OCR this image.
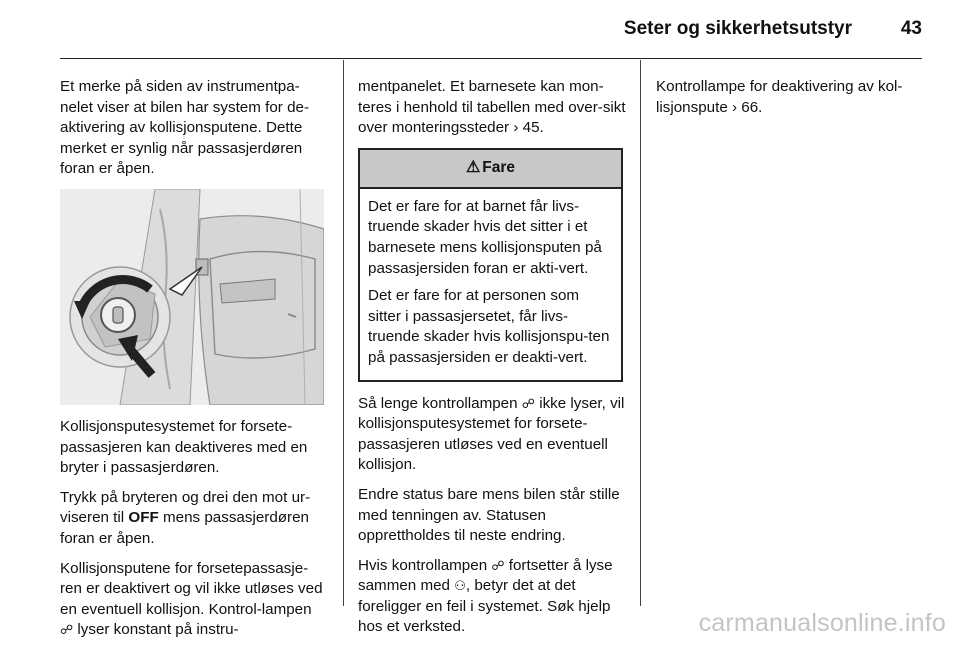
Seter og sikkerhetsutstyr	43

Et merke på siden av instrumentpa-nelet viser at bilen har system for de-aktivering av kollisjonsputene. Dette merket er synlig når passasjerdøren foran er åpen.

Kollisjonsputesystemet for forsete-passasjeren kan deaktiveres med en bryter i passasjerdøren.

Trykk på bryteren og drei den mot ur-viseren til OFF mens passasjerdøren foran er åpen.

Kollisjonsputene for forsetepassasje-ren er deaktivert og vil ikke utløses ved en eventuell kollisjon. Kontrol-lampen ☍ lyser konstant på instru-

mentpanelet. Et barnesete kan mon-teres i henhold til tabellen med over-sikt over monteringssteder › 45.

⚠ Fare

Det er fare for at barnet får livs-truende skader hvis det sitter i et barnesete mens kollisjonsputen på passasjersiden foran er akti-vert.

Det er fare for at personen som sitter i passasjersetet, får livs-truende skader hvis kollisjonspu-ten på passasjersiden er deakti-vert.

Så lenge kontrollampen ☍ ikke lyser, vil kollisjonsputesystemet for forsete-passasjeren utløses ved en eventuell kollisjon.

Endre status bare mens bilen står stille med tenningen av. Statusen opprettholdes til neste endring.

Hvis kontrollampen ☍ fortsetter å lyse sammen med ⚇, betyr det at det foreligger en feil i systemet. Søk hjelp hos et verksted.

Kontrollampe for deaktivering av kol-lisjonspute › 66.

carmanualsonline.info
